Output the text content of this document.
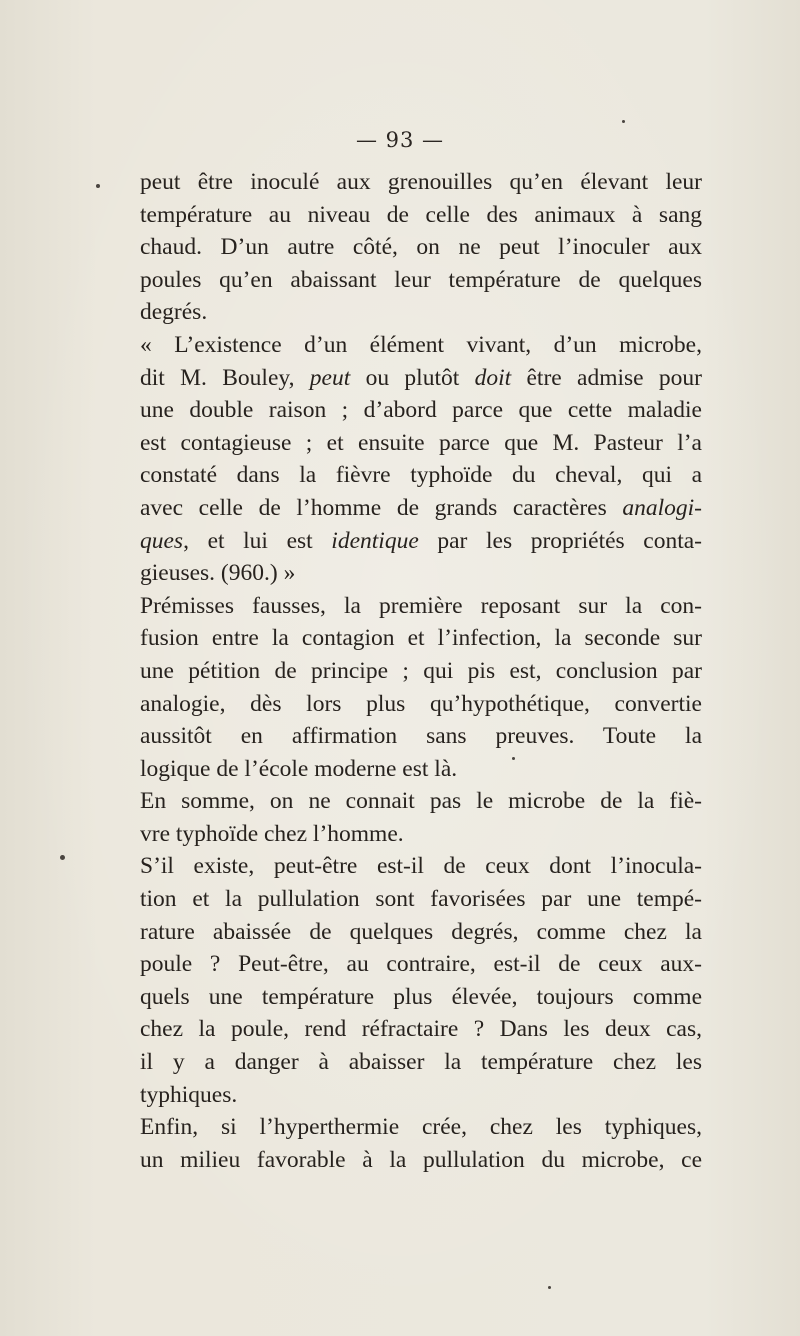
— 93 —
peut être inoculé aux grenouilles qu’en élevant leur
température au niveau de celle des animaux à sang
chaud. D’un autre côté, on ne peut l’inoculer aux
poules qu’en abaissant leur température de quelques
degrés.
« L’existence d’un élément vivant, d’un microbe,
dit M. Bouley, peut ou plutôt doit être admise pour
une double raison ; d’abord parce que cette maladie
est contagieuse ; et ensuite parce que M. Pasteur l’a
constaté dans la fièvre typhoïde du cheval, qui a
avec celle de l’homme de grands caractères analogi-
ques, et lui est identique par les propriétés conta-
gieuses. (960.) »
Prémisses fausses, la première reposant sur la con-
fusion entre la contagion et l’infection, la seconde sur
une pétition de principe ; qui pis est, conclusion par
analogie, dès lors plus qu’hypothétique, convertie
aussitôt en affirmation sans preuves. Toute la
logique de l’école moderne est là.
En somme, on ne connait pas le microbe de la fiè-
vre typhoïde chez l’homme.
S’il existe, peut-être est-il de ceux dont l’inocula-
tion et la pullulation sont favorisées par une tempé-
rature abaissée de quelques degrés, comme chez la
poule ? Peut-être, au contraire, est-il de ceux aux-
quels une température plus élevée, toujours comme
chez la poule, rend réfractaire ? Dans les deux cas,
il y a danger à abaisser la température chez les
typhiques.
Enfin, si l’hyperthermie crée, chez les typhiques,
un milieu favorable à la pullulation du microbe, ce
